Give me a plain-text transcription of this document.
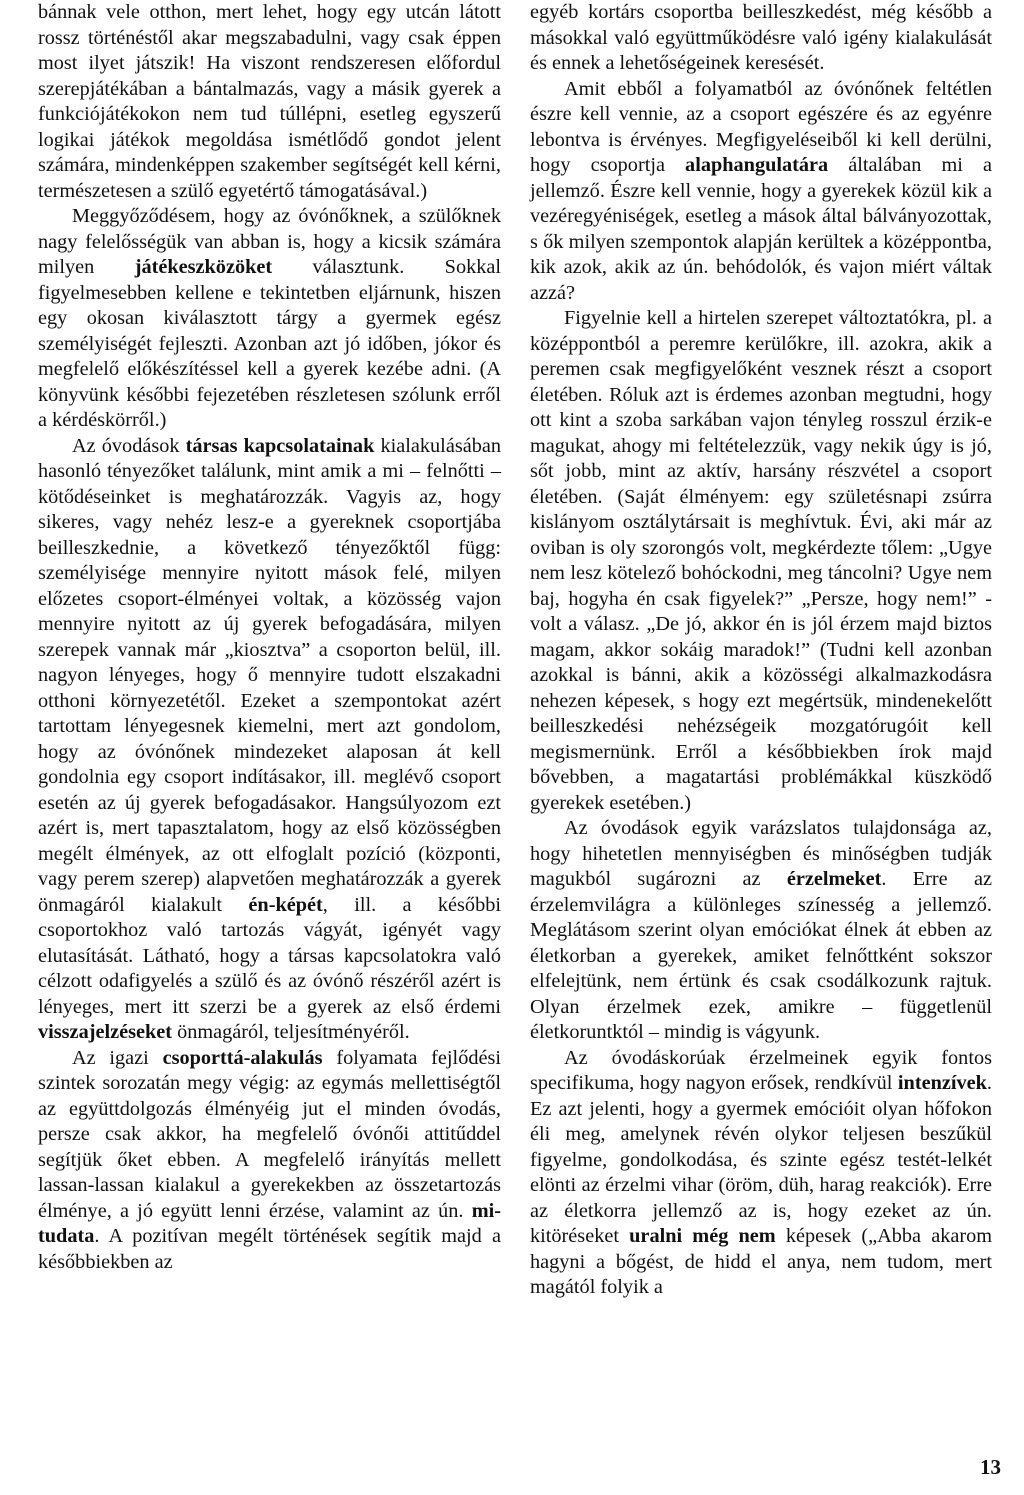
bánnak vele otthon, mert lehet, hogy egy utcán látott rossz történéstől akar megszabadulni, vagy csak éppen most ilyet játszik! Ha viszont rendszeresen előfordul szerepjátékában a bántalmazás, vagy a másik gyerek a funkciójátékokon nem tud túllépni, esetleg egyszerű logikai játékok megoldása ismétlődő gondot jelent számára, mindenképpen szakember segítségét kell kérni, természetesen a szülő egyetértő támogatásával.)

Meggyőződésem, hogy az óvónőknek, a szülőknek nagy felelősségük van abban is, hogy a kicsik számára milyen játékeszközöket választunk. Sokkal figyelmesebben kellene e tekintetben eljárnunk, hiszen egy okosan kiválasztott tárgy a gyermek egész személyiségét fejleszti. Azonban azt jó időben, jókor és megfelelő előkészítéssel kell a gyerek kezébe adni. (A könyvünk későbbi fejezetében részletesen szólunk erről a kérdéskörről.)

Az óvodások társas kapcsolatainak kialakulásában hasonló tényezőket találunk, mint amik a mi – felnőtti – kötődéseinket is meghatározzák. Vagyis az, hogy sikeres, vagy nehéz lesz-e a gyereknek csoportjába beilleszkednie, a következő tényezőktől függ: személyisége mennyire nyitott mások felé, milyen előzetes csoport-élményei voltak, a közösség vajon mennyire nyitott az új gyerek befogadására, milyen szerepek vannak már „kiosztva” a csoporton belül, ill. nagyon lényeges, hogy ő mennyire tudott elszakadni otthoni környezetétől. Ezeket a szempontokat azért tartottam lényegesnek kiemelni, mert azt gondolom, hogy az óvónőnek mindezeket alaposan át kell gondolnia egy csoport indításakor, ill. meglévő csoport esetén az új gyerek befogadásakor. Hangsúlyozom ezt azért is, mert tapasztalatom, hogy az első közösségben megélt élmények, az ott elfoglalt pozíció (központi, vagy perem szerep) alapvetően meghatározzák a gyerek önmagáról kialakult én-képét, ill. a későbbi csoportokhoz való tartozás vágyát, igényét vagy elutasítását. Látható, hogy a társas kapcsolatokra való célzott odafigyelés a szülő és az óvónő részéről azért is lényeges, mert itt szerzi be a gyerek az első érdemi visszajelzéseket önmagáról, teljesítményéről.

Az igazi csoporttá-alakulás folyamata fejlődési szintek sorozatán megy végig: az egymás mellettiségtől az együttdolgozás élményéig jut el minden óvodás, persze csak akkor, ha megfelelő óvónői attitűddel segítjük őket ebben. A megfelelő irányítás mellett lassan-lassan kialakul a gyerekekben az összetartozás élménye, a jó együtt lenni érzése, valamint az ún. mi-tudata. A pozitívan megélt történések segítik majd a későbbiekben az

egyéb kortárs csoportba beilleszkedést, még később a másokkal való együttműködésre való igény kialakulását és ennek a lehetőségeinek keresését.

Amit ebből a folyamatból az óvónőnek feltétlen észre kell vennie, az a csoport egészére és az egyénre lebontva is érvényes. Megfigyeléseiből ki kell derülni, hogy csoportja alaphangulatára általában mi a jellemző. Észre kell vennie, hogy a gyerekek közül kik a vezéregyéniségek, esetleg a mások által bálványozottak, s ők milyen szempontok alapján kerültek a középpontba, kik azok, akik az ún. behódolók, és vajon miért váltak azzá?

Figyelnie kell a hirtelen szerepet változtatókra, pl. a középpontból a peremre kerülőkre, ill. azokra, akik a peremen csak megfigyelőként vesznek részt a csoport életében. Róluk azt is érdemes azonban megtudni, hogy ott kint a szoba sarkában vajon tényleg rosszul érzik-e magukat, ahogy mi feltételezzük, vagy nekik úgy is jó, sőt jobb, mint az aktív, harsány részvétel a csoport életében. (Saját élményem: egy születésnapi zsúrra kislányom osztálytársait is meghívtuk. Évi, aki már az oviban is oly szorongós volt, megkérdezte tőlem: „Ugye nem lesz kötelező bohóckodni, meg táncolni? Ugye nem baj, hogyha én csak figyelek?” „Persze, hogy nem!” - volt a válasz. „De jó, akkor én is jól érzem majd biztos magam, akkor sokáig maradok!” (Tudni kell azonban azokkal is bánni, akik a közösségi alkalmazkodásra nehezen képesek, s hogy ezt megértsük, mindenekelőtt beilleszkedési nehézségeik mozgatórugóit kell megismernünk. Erről a későbbiekben írok majd bővebben, a magatartási problémákkal küszködő gyerekek esetében.)

Az óvodások egyik varázslatos tulajdonsága az, hogy hihetetlen mennyiségben és minőségben tudják magukból sugározni az érzelmeket. Erre az érzelemvilágra a különleges színesség a jellemző. Meglátásom szerint olyan emóciókat élnek át ebben az életkorban a gyerekek, amiket felnőttként sokszor elfelejtünk, nem értünk és csak csodálkozunk rajtuk. Olyan érzelmek ezek, amikre – függetlenül életkoruntktól – mindig is vágyunk.

Az óvodáskorúak érzelmeinek egyik fontos specifikuma, hogy nagyon erősek, rendkívül intenzívek. Ez azt jelenti, hogy a gyermek emócióit olyan hőfokon éli meg, amelynek révén olykor teljesen beszűkül figyelme, gondolkodása, és szinte egész testét-lelkét elönti az érzelmi vihar (öröm, düh, harag reakciók). Erre az életkorra jellemző az is, hogy ezeket az ún. kitöréseket uralni még nem képesek („Abba akarom hagyni a bőgést, de hidd el anya, nem tudom, mert magától folyik a

13
